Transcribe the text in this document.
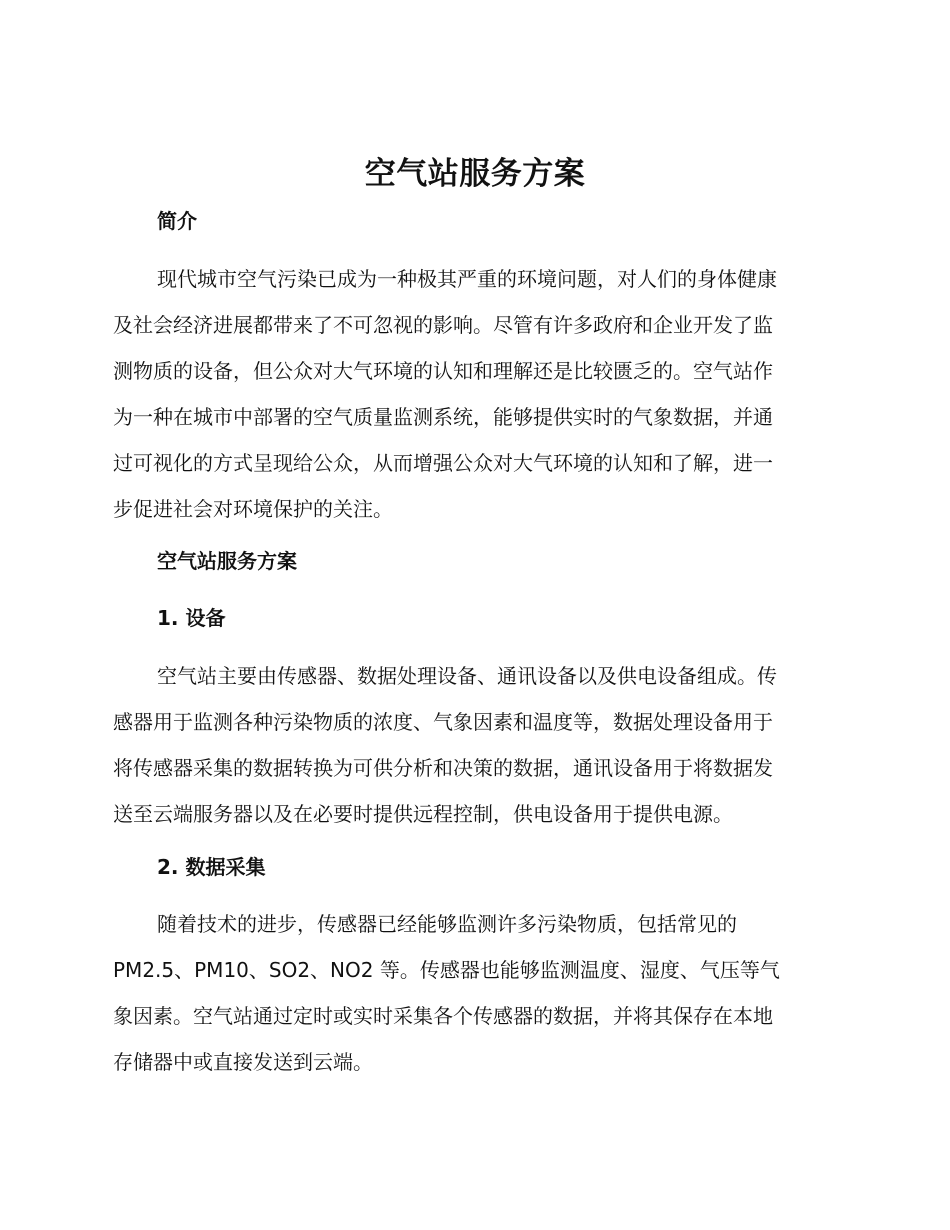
空气站服务方案
简介
现代城市空气污染已成为一种极其严重的环境问题，对人们的身体健康
及社会经济进展都带来了不可忽视的影响。尽管有许多政府和企业开发了监
测物质的设备，但公众对大气环境的认知和理解还是比较匮乏的。空气站作
为一种在城市中部署的空气质量监测系统，能够提供实时的气象数据，并通
过可视化的方式呈现给公众，从而增强公众对大气环境的认知和了解，进一
步促进社会对环境保护的关注。
空气站服务方案
1. 设备
空气站主要由传感器、数据处理设备、通讯设备以及供电设备组成。传
感器用于监测各种污染物质的浓度、气象因素和温度等，数据处理设备用于
将传感器采集的数据转换为可供分析和决策的数据，通讯设备用于将数据发
送至云端服务器以及在必要时提供远程控制，供电设备用于提供电源。
2. 数据采集
随着技术的进步，传感器已经能够监测许多污染物质，包括常见的
PM2.5、PM10、SO2、NO2 等。传感器也能够监测温度、湿度、气压等气
象因素。空气站通过定时或实时采集各个传感器的数据，并将其保存在本地
存储器中或直接发送到云端。
